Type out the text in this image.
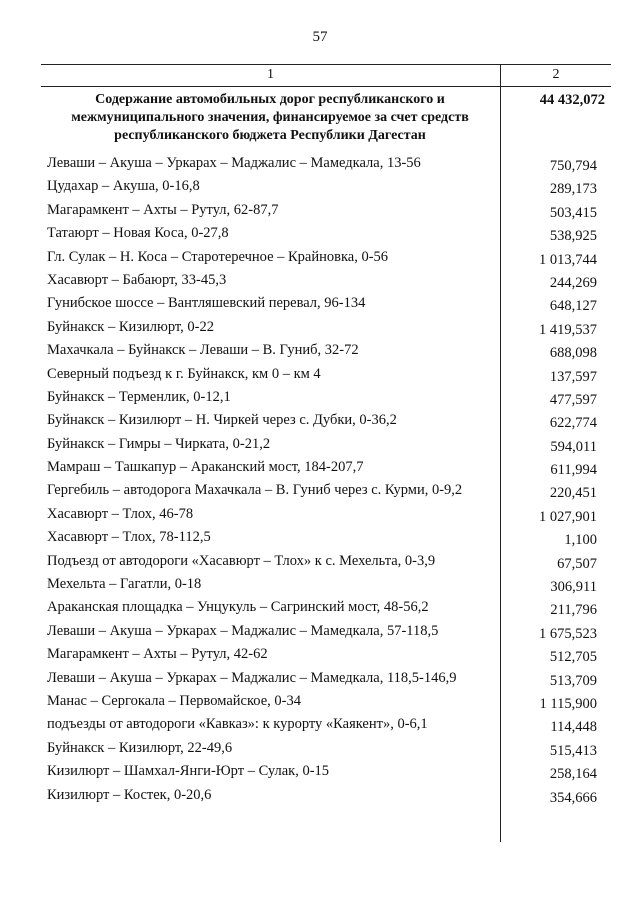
57
1	2
Содержание автомобильных дорог республиканского и
межмуниципального значения, финансируемое за счет средств
республиканского бюджета Республики Дагестан
44 432,072
Леваши – Акуша – Уркарах – Маджалис – Мамедкала, 13-56	750,794
Цудахар – Акуша, 0-16,8	289,173
Магарамкент – Ахты – Рутул, 62-87,7	503,415
Татаюрт – Новая Коса, 0-27,8	538,925
Гл. Сулак – Н. Коса – Старотеречное – Крайновка, 0-56	1 013,744
Хасавюрт – Бабаюрт, 33-45,3	244,269
Гунибское шоссе – Вантляшевский перевал, 96-134	648,127
Буйнакск – Кизилюрт, 0-22	1 419,537
Махачкала – Буйнакск – Леваши – В. Гуниб, 32-72	688,098
Северный подъезд к г. Буйнакск, км 0 – км 4	137,597
Буйнакск – Терменлик, 0-12,1	477,597
Буйнакск – Кизилюрт – Н. Чиркей через с. Дубки, 0-36,2	622,774
Буйнакск – Гимры – Чирката, 0-21,2	594,011
Мамраш – Ташкапур – Араканский мост, 184-207,7	611,994
Гергебиль – автодорога Махачкала – В. Гуниб через с. Курми, 0-9,2	220,451
Хасавюрт – Тлох, 46-78	1 027,901
Хасавюрт – Тлох, 78-112,5	1,100
Подъезд от автодороги «Хасавюрт – Тлох» к с. Мехельта, 0-3,9	67,507
Мехельта – Гагатли, 0-18	306,911
Араканская площадка – Унцукуль – Сагринский мост, 48-56,2	211,796
Леваши – Акуша – Уркарах – Маджалис – Мамедкала, 57-118,5	1 675,523
Магарамкент – Ахты – Рутул, 42-62	512,705
Леваши – Акуша – Уркарах – Маджалис – Мамедкала, 118,5-146,9	513,709
Манас – Сергокала – Первомайское, 0-34	1 115,900
подъезды от автодороги «Кавказ»: к курорту «Каякент», 0-6,1	114,448
Буйнакск – Кизилюрт, 22-49,6	515,413
Кизилюрт – Шамхал-Янги-Юрт – Сулак, 0-15	258,164
Кизилюрт – Костек, 0-20,6	354,666
